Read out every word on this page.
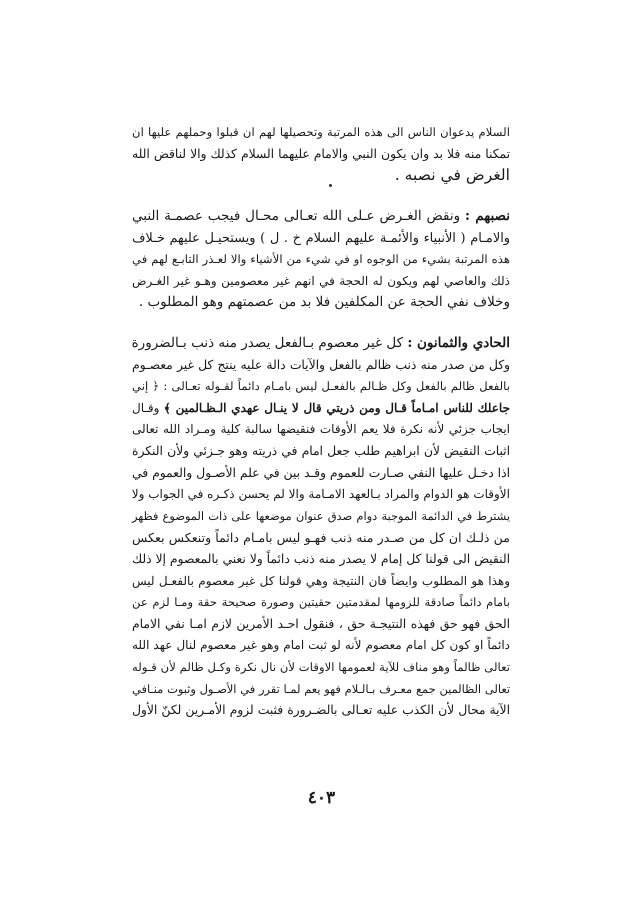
السلام يدعوان الناس الى هذه المرتبة وتحصيلها لهم ان قبلوا وحملهم عليها ان
تمكنا منه فلا بد وان يكون النبي والامام عليهما السلام كذلك والا لناقض الله
الغرض في نصبه .
نصبهم : ونقض الغـرض عـلى الله تعـالى محـال فيجب عصمـة النبي
والامـام ( الأنبياء والأئمـة عليهم السلام خ . ل ) ويستحيـل عليهم خـلاف
هذه المرتبة بشيء من الوجوه او في شيء من الأشياء والا لعـذر التابـع لهم في
ذلك والعاصي لهم ويكون له الحجة في انهم غير معصومين وهـو غير الغـرض
وخلاف نفي الحجة عن المكلفين فلا بد من عصمتهم وهو المطلوب .
الحادي والثمانون : كل غير معصوم بـالفعل يصدر منه ذنب بـالضرورة
وكل من صدر منه ذنب ظالم بالفعل والآيات دالة عليه ينتج كل غير معصـوم
بالفعل ظالم بالفعل وكل ظـالم بالفعـل ليس بامـام دائماً لقـوله تعـالى : ﴿ إني
جاعلك للناس امـاماً قـال ومن ذريتي قال لا ينـال عهدي الـظـالمين ﴾ وقـال
ايجاب جزئي لأنه نكرة فلا يعم الأوقات فنقيضها سالبة كلية ومـراد الله تعالى
اثبات النقيض لأن ابراهيم طلب جعل امام في ذريته وهو جـزئي ولأن النكرة
اذا دخـل عليها النفي صـارت للعموم وقـد بين في علم الأصـول والعموم في
الأوقات هو الدوام والمراد بـالعهد الامـامة والا لم يحسن ذكـره في الجواب ولا
يشترط في الدائمة الموجبة دوام صدق عنوان موضعها على ذات الموضوع فظهر
من ذلـك ان كل من صـدر منه ذنب فهـو ليس بامـام دائماً وتنعكس بعكس
النقيض الى قولنا كل إمام لا يصدر منه ذنب دائماً ولا نعني بالمعصوم إلا ذلك
وهذا هو المطلوب وايضاً فان النتيجة وهي قولنا كل غير معصوم بالفعـل ليس
بامام دائماً صادقة للزومها لمقدمتين حقيتين وصورة صحيحة حقة ومـا لزم عن
الحق فهو حق فهذه النتيجـة حق ، فنقول احـد الأمرين لازم امـا نفي الامام
دائماً او كون كل امام معصوم لأنه لو ثبت امام وهو غير معصوم لنال عهد الله
تعالى ظالماً وهو مناف للآية لعمومها الاوقات لأن نال نكرة وكـل ظالم لأن قـوله
تعالى الظالمين جمع معـرف بـالـلام فهو يعم لمـا تقرر في الأصـول وثبوت منـافي
الآية محال لأن الكذب عليه تعـالى بالضـرورة فثبت لزوم الأمـرين لكنّ الأول
٤٠٣
